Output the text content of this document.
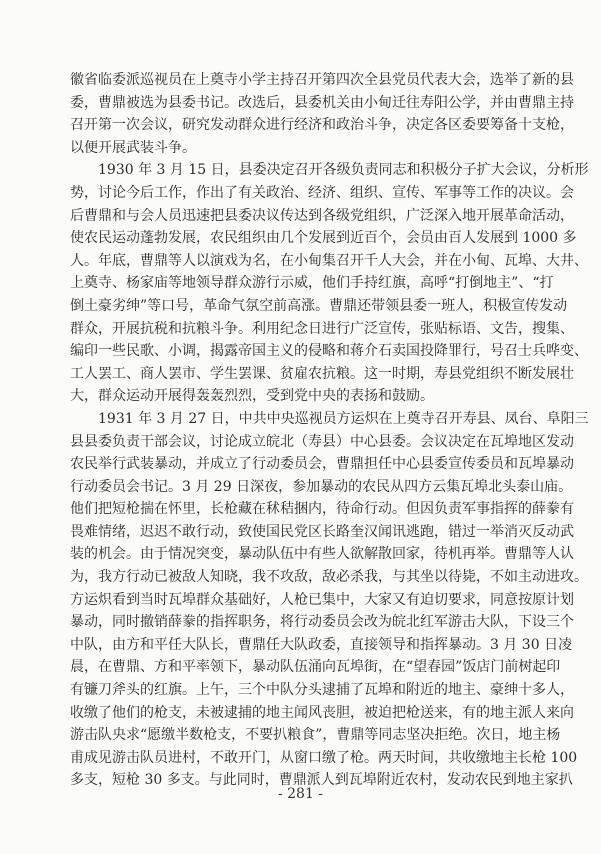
徽省临委派巡视员在上奠寺小学主持召开第四次全县党员代表大会，选举了新的县
委，曹鼎被选为县委书记。改选后，县委机关由小甸迁往寿阳公学，并由曹鼎主持
召开第一次会议，研究发动群众进行经济和政治斗争，决定各区委要筹备十支枪，
以便开展武装斗争。
1930 年 3 月 15 日，县委决定召开各级负责同志和积极分子扩大会议，分析形
势，讨论今后工作，作出了有关政治、经济、组织、宣传、军事等工作的决议。会
后曹鼎和与会人员迅速把县委决议传达到各级党组织，广泛深入地开展革命活动，
使农民运动蓬勃发展，农民组织由几个发展到近百个，会员由百人发展到 1000 多
人。年底，曹鼎等人以演戏为名，在小甸集召开千人大会，并在小甸、瓦埠、大井、
上奠寺、杨家庙等地领导群众游行示威，他们手持红旗，高呼“打倒地主”、“打
倒土豪劣绅”等口号，革命气氛空前高涨。曹鼎还带领县委一班人，积极宣传发动
群众，开展抗税和抗粮斗争。利用纪念日进行广泛宣传，张贴标语、文告，搜集、
编印一些民歌、小调，揭露帝国主义的侵略和蒋介石卖国投降罪行，号召士兵哗变、
工人罢工、商人罢市、学生罢课、贫雇农抗粮。这一时期，寿县党组织不断发展壮
大，群众运动开展得轰轰烈烈，受到党中央的表扬和鼓励。
1931 年 3 月 27 日，中共中央巡视员方运炽在上奠寺召开寿县、凤台、阜阳三
县县委负责干部会议，讨论成立皖北（寿县）中心县委。会议决定在瓦埠地区发动
农民举行武装暴动，并成立了行动委员会，曹鼎担任中心县委宣传委员和瓦埠暴动
行动委员会书记。3 月 29 日深夜，参加暴动的农民从四方云集瓦埠北头泰山庙。
他们把短枪揣在怀里，长枪藏在秫秸捆内，待命行动。但因负责军事指挥的薛豢有
畏难情绪，迟迟不敢行动，致使国民党区长路奎汉闻讯逃跑，错过一举消灭反动武
装的机会。由于情况突变，暴动队伍中有些人欲解散回家，待机再举。曹鼎等人认
为，我方行动已被敌人知晓，我不攻敌，敌必杀我，与其坐以待毙，不如主动进攻。
方运炽看到当时瓦埠群众基础好，人枪已集中，大家又有迫切要求，同意按原计划
暴动，同时撤销薛豢的指挥职务，将行动委员会改为皖北红军游击大队，下设三个
中队，由方和平任大队长，曹鼎任大队政委，直接领导和指挥暴动。3 月 30 日凌
晨，在曹鼎、方和平率领下，暴动队伍涌向瓦埠街，在“望春园”饭店门前树起印
有镰刀斧头的红旗。上午，三个中队分头逮捕了瓦埠和附近的地主、豪绅十多人，
收缴了他们的枪支，未被逮捕的地主闻风丧胆，被迫把枪送来，有的地主派人来向
游击队央求“愿缴半数枪支，不要扒粮食”，曹鼎等同志坚决拒绝。次日，地主杨
甫成见游击队员进村，不敢开门，从窗口缴了枪。两天时间，共收缴地主长枪 100
多支，短枪 30 多支。与此同时，曹鼎派人到瓦埠附近农村，发动农民到地主家扒
- 281 -
